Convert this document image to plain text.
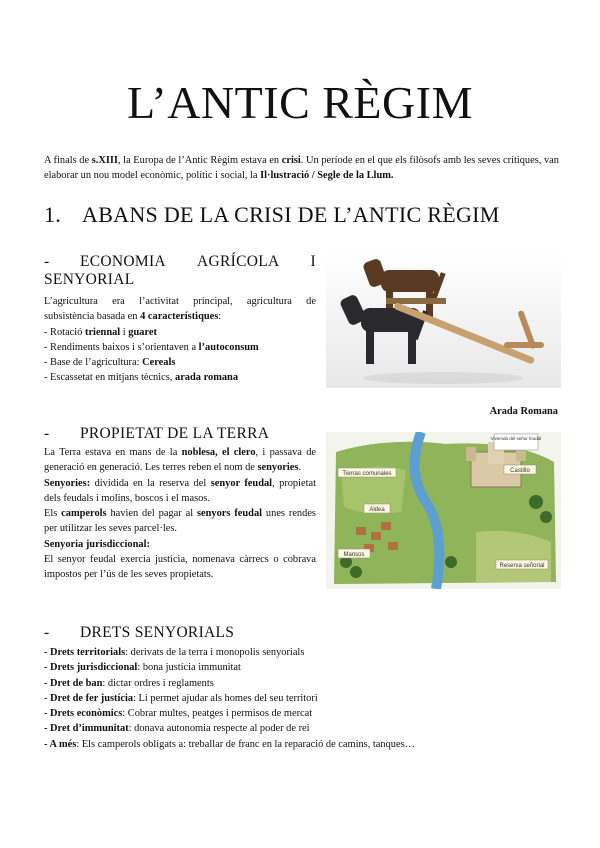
L’ANTIC RÈGIM
A finals de s.XIII, la Europa de l’Antic Règim estava en crisi. Un període en el que els filòsofs amb les seves crítiques, van elaborar un nou model econòmic, polític i social, la Il·lustració / Segle de la Llum.
1. ABANS DE LA CRISI DE L’ANTIC RÈGIM
-	ECONOMIA AGRÍCOLA I
SENYORIAL
L’agricultura era l’activitat principal, agricultura de
subsistència basada en 4 característiques:
- Rotació triennal i guaret
- Rendiments baixos i s’orientaven a l’autoconsum
- Base de l’agricultura: Cereals
- Escassetat en mitjans tècnics, arada romana
Arada Romana
- PROPIETAT DE LA TERRA
La Terra estava en mans de la noblesa, el clero, i passava de generació en generació. Les terres reben el nom de senyories.
Senyories: dividida en la reserva del senyor feudal, propietat dels feudals i molins, boscos i el masos.
Els camperols havien del pagar al senyors feudal unes rendes per utilitzar les seves parcel·les.
Senyoria jurisdiccional:
El senyor feudal exercia justícia, nomenava càrrecs o cobrava impostos per l’ús de les seves propietats.
Vivienda del señor feudal
Castillo
Tierras comunales
Aldea
Mansos
Reserva señorial
- DRETS SENYORIALS
- Drets territorials: derivats de la terra i monopolis senyorials
- Drets jurisdiccional: bona justícia immunitat
- Dret de ban: dictar ordres i reglaments
- Dret de fer justícia: Li permet ajudar als homes del seu territori
- Drets econòmics: Cobrar multes, peatges i permisos de mercat
- Dret d’immunitat: donava autonomia respecte al poder de rei
- A més: Els camperols obligats a: treballar de franc en la reparació de camins, tanques…
